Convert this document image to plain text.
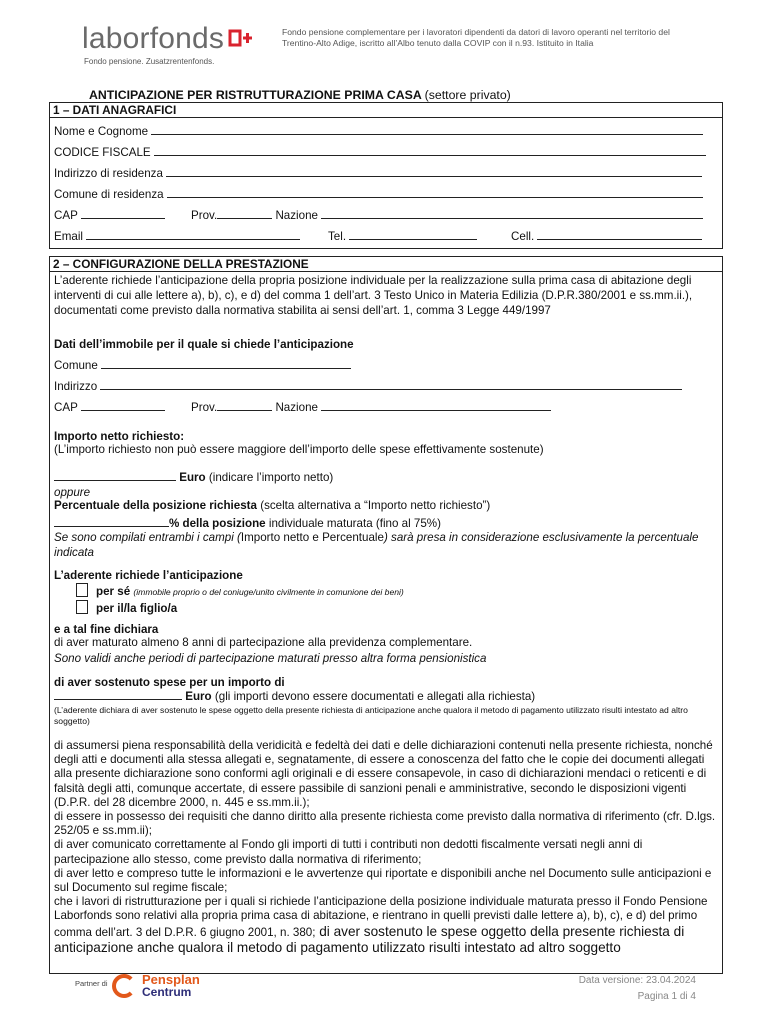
laborfonds
Fondo pensione. Zusatzrentenfonds.
Fondo pensione complementare per i lavoratori dipendenti da datori di lavoro operanti nel territorio del Trentino-Alto Adige, iscritto all’Albo tenuto dalla COVIP con il n.93. Istituito in Italia
ANTICIPAZIONE PER RISTRUTTURAZIONE PRIMA CASA (settore privato)
1 – DATI ANAGRAFICI
Nome e Cognome
CODICE FISCALE
Indirizzo di residenza
Comune di residenza
CAP	Prov.	Nazione
Email	Tel.	Cell.
2 – CONFIGURAZIONE DELLA PRESTAZIONE
L’aderente richiede l’anticipazione della propria posizione individuale per la realizzazione sulla prima casa di abitazione degli interventi di cui alle lettere a), b), c), e d) del comma 1 dell’art. 3 Testo Unico in Materia Edilizia (D.P.R.380/2001 e ss.mm.ii.), documentati come previsto dalla normativa stabilita ai sensi dell’art. 1, comma 3 Legge 449/1997
Dati dell’immobile per il quale si chiede l’anticipazione
Comune
Indirizzo
CAP	Prov.	Nazione
Importo netto richiesto:
(L’importo richiesto non può essere maggiore dell’importo delle spese effettivamente sostenute)
Euro (indicare l’importo netto)
oppure
Percentuale della posizione richiesta (scelta alternativa a “Importo netto richiesto”)
% della posizione individuale maturata (fino al 75%)
Se sono compilati entrambi i campi (Importo netto e Percentuale) sarà presa in considerazione esclusivamente la percentuale indicata
L’aderente richiede l’anticipazione
per sé (immobile proprio o del coniuge/unito civilmente in comunione dei beni)
per il/la figlio/a
e a tal fine dichiara
di aver maturato almeno 8 anni di partecipazione alla previdenza complementare.
Sono validi anche periodi di partecipazione maturati presso altra forma pensionistica
di aver sostenuto spese per un importo di
Euro (gli importi devono essere documentati e allegati alla richiesta)
(L’aderente dichiara di aver sostenuto le spese oggetto della presente richiesta di anticipazione anche qualora il metodo di pagamento utilizzato risulti intestato ad altro soggetto)
di assumersi piena responsabilità della veridicità e fedeltà dei dati e delle dichiarazioni contenuti nella presente richiesta, nonché degli atti e documenti alla stessa allegati e, segnatamente, di essere a conoscenza del fatto che le copie dei documenti allegati alla presente dichiarazione sono conformi agli originali e di essere consapevole, in caso di dichiarazioni mendaci o reticenti e di falsità degli atti, comunque accertate, di essere passibile di sanzioni penali e amministrative, secondo le disposizioni vigenti (D.P.R. del 28 dicembre 2000, n. 445 e ss.mm.ii.);
di essere in possesso dei requisiti che danno diritto alla presente richiesta come previsto dalla normativa di riferimento (cfr. D.lgs. 252/05 e ss.mm.ii);
di aver comunicato correttamente al Fondo gli importi di tutti i contributi non dedotti fiscalmente versati negli anni di partecipazione allo stesso, come previsto dalla normativa di riferimento;
di aver letto e compreso tutte le informazioni e le avvertenze qui riportate e disponibili anche nel Documento sulle anticipazioni e sul Documento sul regime fiscale;
che i lavori di ristrutturazione per i quali si richiede l’anticipazione della posizione individuale maturata presso il Fondo Pensione Laborfonds sono relativi alla propria prima casa di abitazione, e rientrano in quelli previsti dalle lettere a), b), c), e d) del primo comma dell’art. 3 del D.P.R. 6 giugno 2001, n. 380; di aver sostenuto le spese oggetto della presente richiesta di anticipazione anche qualora il metodo di pagamento utilizzato risulti intestato ad altro soggetto
Partner di	Pensplan
Centrum
Data versione: 23.04.2024
Pagina 1 di 4
